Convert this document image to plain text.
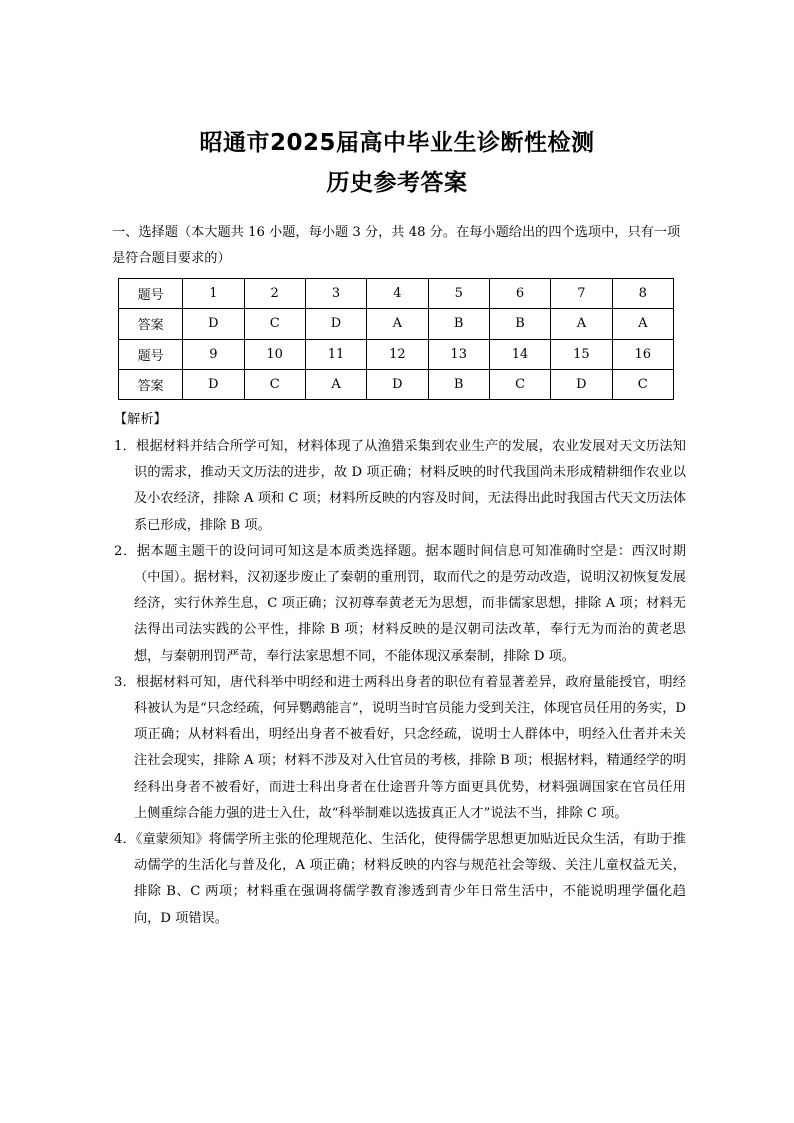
昭通市2025届高中毕业生诊断性检测
历史参考答案
一、选择题（本大题共 16 小题，每小题 3 分，共 48 分。在每小题给出的四个选项中，只有一项是符合题目要求的）
题号	1	2	3	4	5	6	7	8
答案	D	C	D	A	B	B	A	A
题号	9	10	11	12	13	14	15	16
答案	D	C	A	D	B	C	D	C
【解析】

1．根据材料并结合所学可知，材料体现了从渔猎采集到农业生产的发展，农业发展对天文历法知识的需求，推动天文历法的进步，故 D 项正确；材料反映的时代我国尚未形成精耕细作农业以及小农经济，排除 A 项和 C 项；材料所反映的内容及时间，无法得出此时我国古代天文历法体系已形成，排除 B 项。

2．据本题主题干的设问词可知这是本质类选择题。据本题时间信息可知准确时空是：西汉时期（中国）。据材料，汉初逐步废止了秦朝的重刑罚，取而代之的是劳动改造，说明汉初恢复发展经济，实行休养生息，C 项正确；汉初尊奉黄老无为思想，而非儒家思想，排除 A 项；材料无法得出司法实践的公平性，排除 B 项；材料反映的是汉朝司法改革，奉行无为而治的黄老思想，与秦朝刑罚严苛，奉行法家思想不同，不能体现汉承秦制，排除 D 项。

3．根据材料可知，唐代科举中明经和进士两科出身者的职位有着显著差异，政府量能授官，明经科被认为是“只念经疏，何异鹦鹉能言”，说明当时官员能力受到关注，体现官员任用的务实，D 项正确；从材料看出，明经出身者不被看好，只念经疏，说明士人群体中，明经入仕者并未关注社会现实，排除 A 项；材料不涉及对入仕官员的考核，排除 B 项；根据材料，精通经学的明经科出身者不被看好，而进士科出身者在仕途晋升等方面更具优势，材料强调国家在官员任用上侧重综合能力强的进士入仕，故“科举制难以选拔真正人才”说法不当，排除 C 项。

4．《童蒙须知》将儒学所主张的伦理规范化、生活化，使得儒学思想更加贴近民众生活，有助于推动儒学的生活化与普及化，A 项正确；材料反映的内容与规范社会等级、关注儿童权益无关，排除 B、C 两项；材料重在强调将儒学教育渗透到青少年日常生活中，不能说明理学僵化趋向，D 项错误。
